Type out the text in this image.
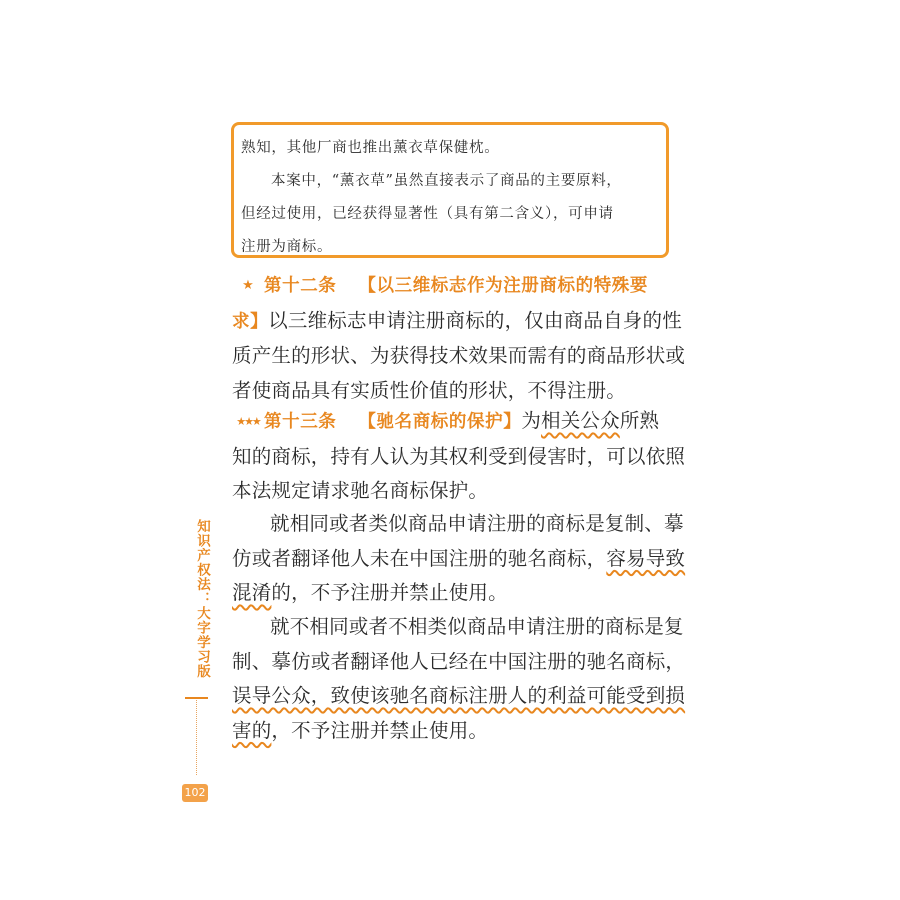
熟知，其他厂商也推出薰衣草保健枕。
本案中，“薰衣草”虽然直接表示了商品的主要原料，
但经过使用，已经获得显著性（具有第二含义），可申请
注册为商标。
★ 第十二条 【以三维标志作为注册商标的特殊要
求】以三维标志申请注册商标的，仅由商品自身的性
质产生的形状、为获得技术效果而需有的商品形状或
者使商品具有实质性价值的形状，不得注册。
★★★ 第十三条 【驰名商标的保护】为相关公众所熟
知的商标，持有人认为其权利受到侵害时，可以依照
本法规定请求驰名商标保护。
就相同或者类似商品申请注册的商标是复制、摹
仿或者翻译他人未在中国注册的驰名商标，容易导致
混淆的，不予注册并禁止使用。
就不相同或者不相类似商品申请注册的商标是复
制、摹仿或者翻译他人已经在中国注册的驰名商标，
误导公众，致使该驰名商标注册人的利益可能受到损
害的，不予注册并禁止使用。
知识产权法：大字学习版
102
